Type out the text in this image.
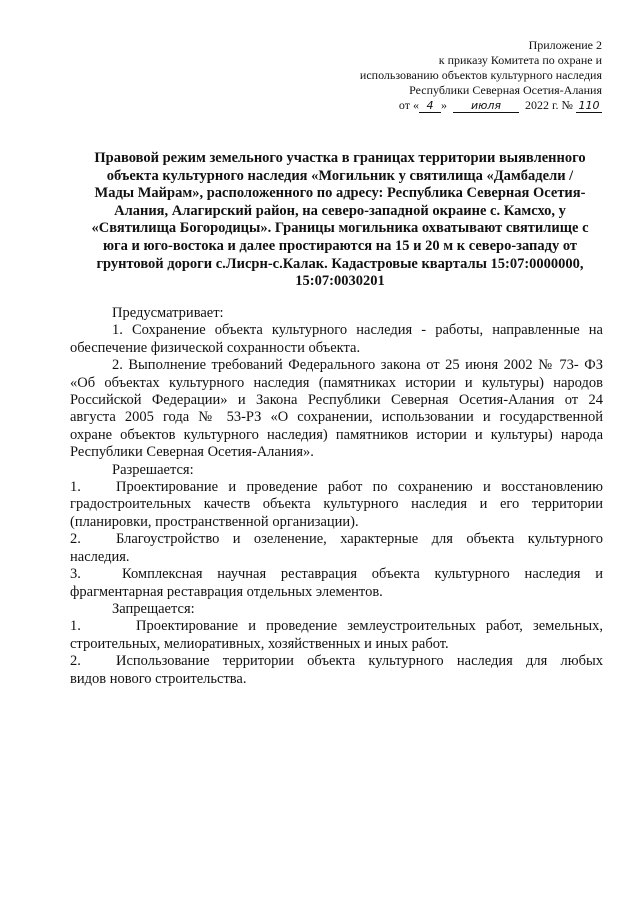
Приложение 2
к приказу Комитета по охране и
использованию объектов культурного наследия
Республики Северная Осетия-Алания
от « 4 » июля 2022 г. № 110
Правовой режим земельного участка в границах территории выявленного
объекта культурного наследия «Могильник у святилища «Дамбадели /
Мады Майрам», расположенного по адресу: Республика Северная Осетия-
Алания, Алагирский район, на северо-западной окраине с. Камсхо, у
«Святилища Богородицы». Границы могильника охватывают святилище с
юга и юго-востока и далее простираются на 15 и 20 м к северо-западу от
грунтовой дороги с.Лисрн-с.Калак. Кадастровые кварталы 15:07:0000000,
15:07:0030201
Предусматривает:
1. Сохранение объекта культурного наследия - работы, направленные на
обеспечение физической сохранности объекта.
2. Выполнение требований Федерального закона от 25 июня 2002 № 73- ФЗ
«Об объектах культурного наследия (памятниках истории и культуры) народов
Российской Федерации» и Закона Республики Северная Осетия-Алания от 24
августа 2005 года № 53-РЗ «О сохранении, использовании и государственной
охране объектов культурного наследия) памятников истории и культуры) народа
Республики Северная Осетия-Алания».
Разрешается:
1. Проектирование и проведение работ по сохранению и восстановлению
градостроительных качеств объекта культурного наследия и его территории
(планировки, пространственной организации).
2. Благоустройство и озеленение, характерные для объекта культурного
наследия.
3.	Комплексная научная реставрация объекта культурного наследия и
фрагментарная реставрация отдельных элементов.
Запрещается:
1.	Проектирование и проведение землеустроительных работ, земельных,
строительных, мелиоративных, хозяйственных и иных работ.
2. Использование территории объекта культурного наследия для любых
видов нового строительства.
